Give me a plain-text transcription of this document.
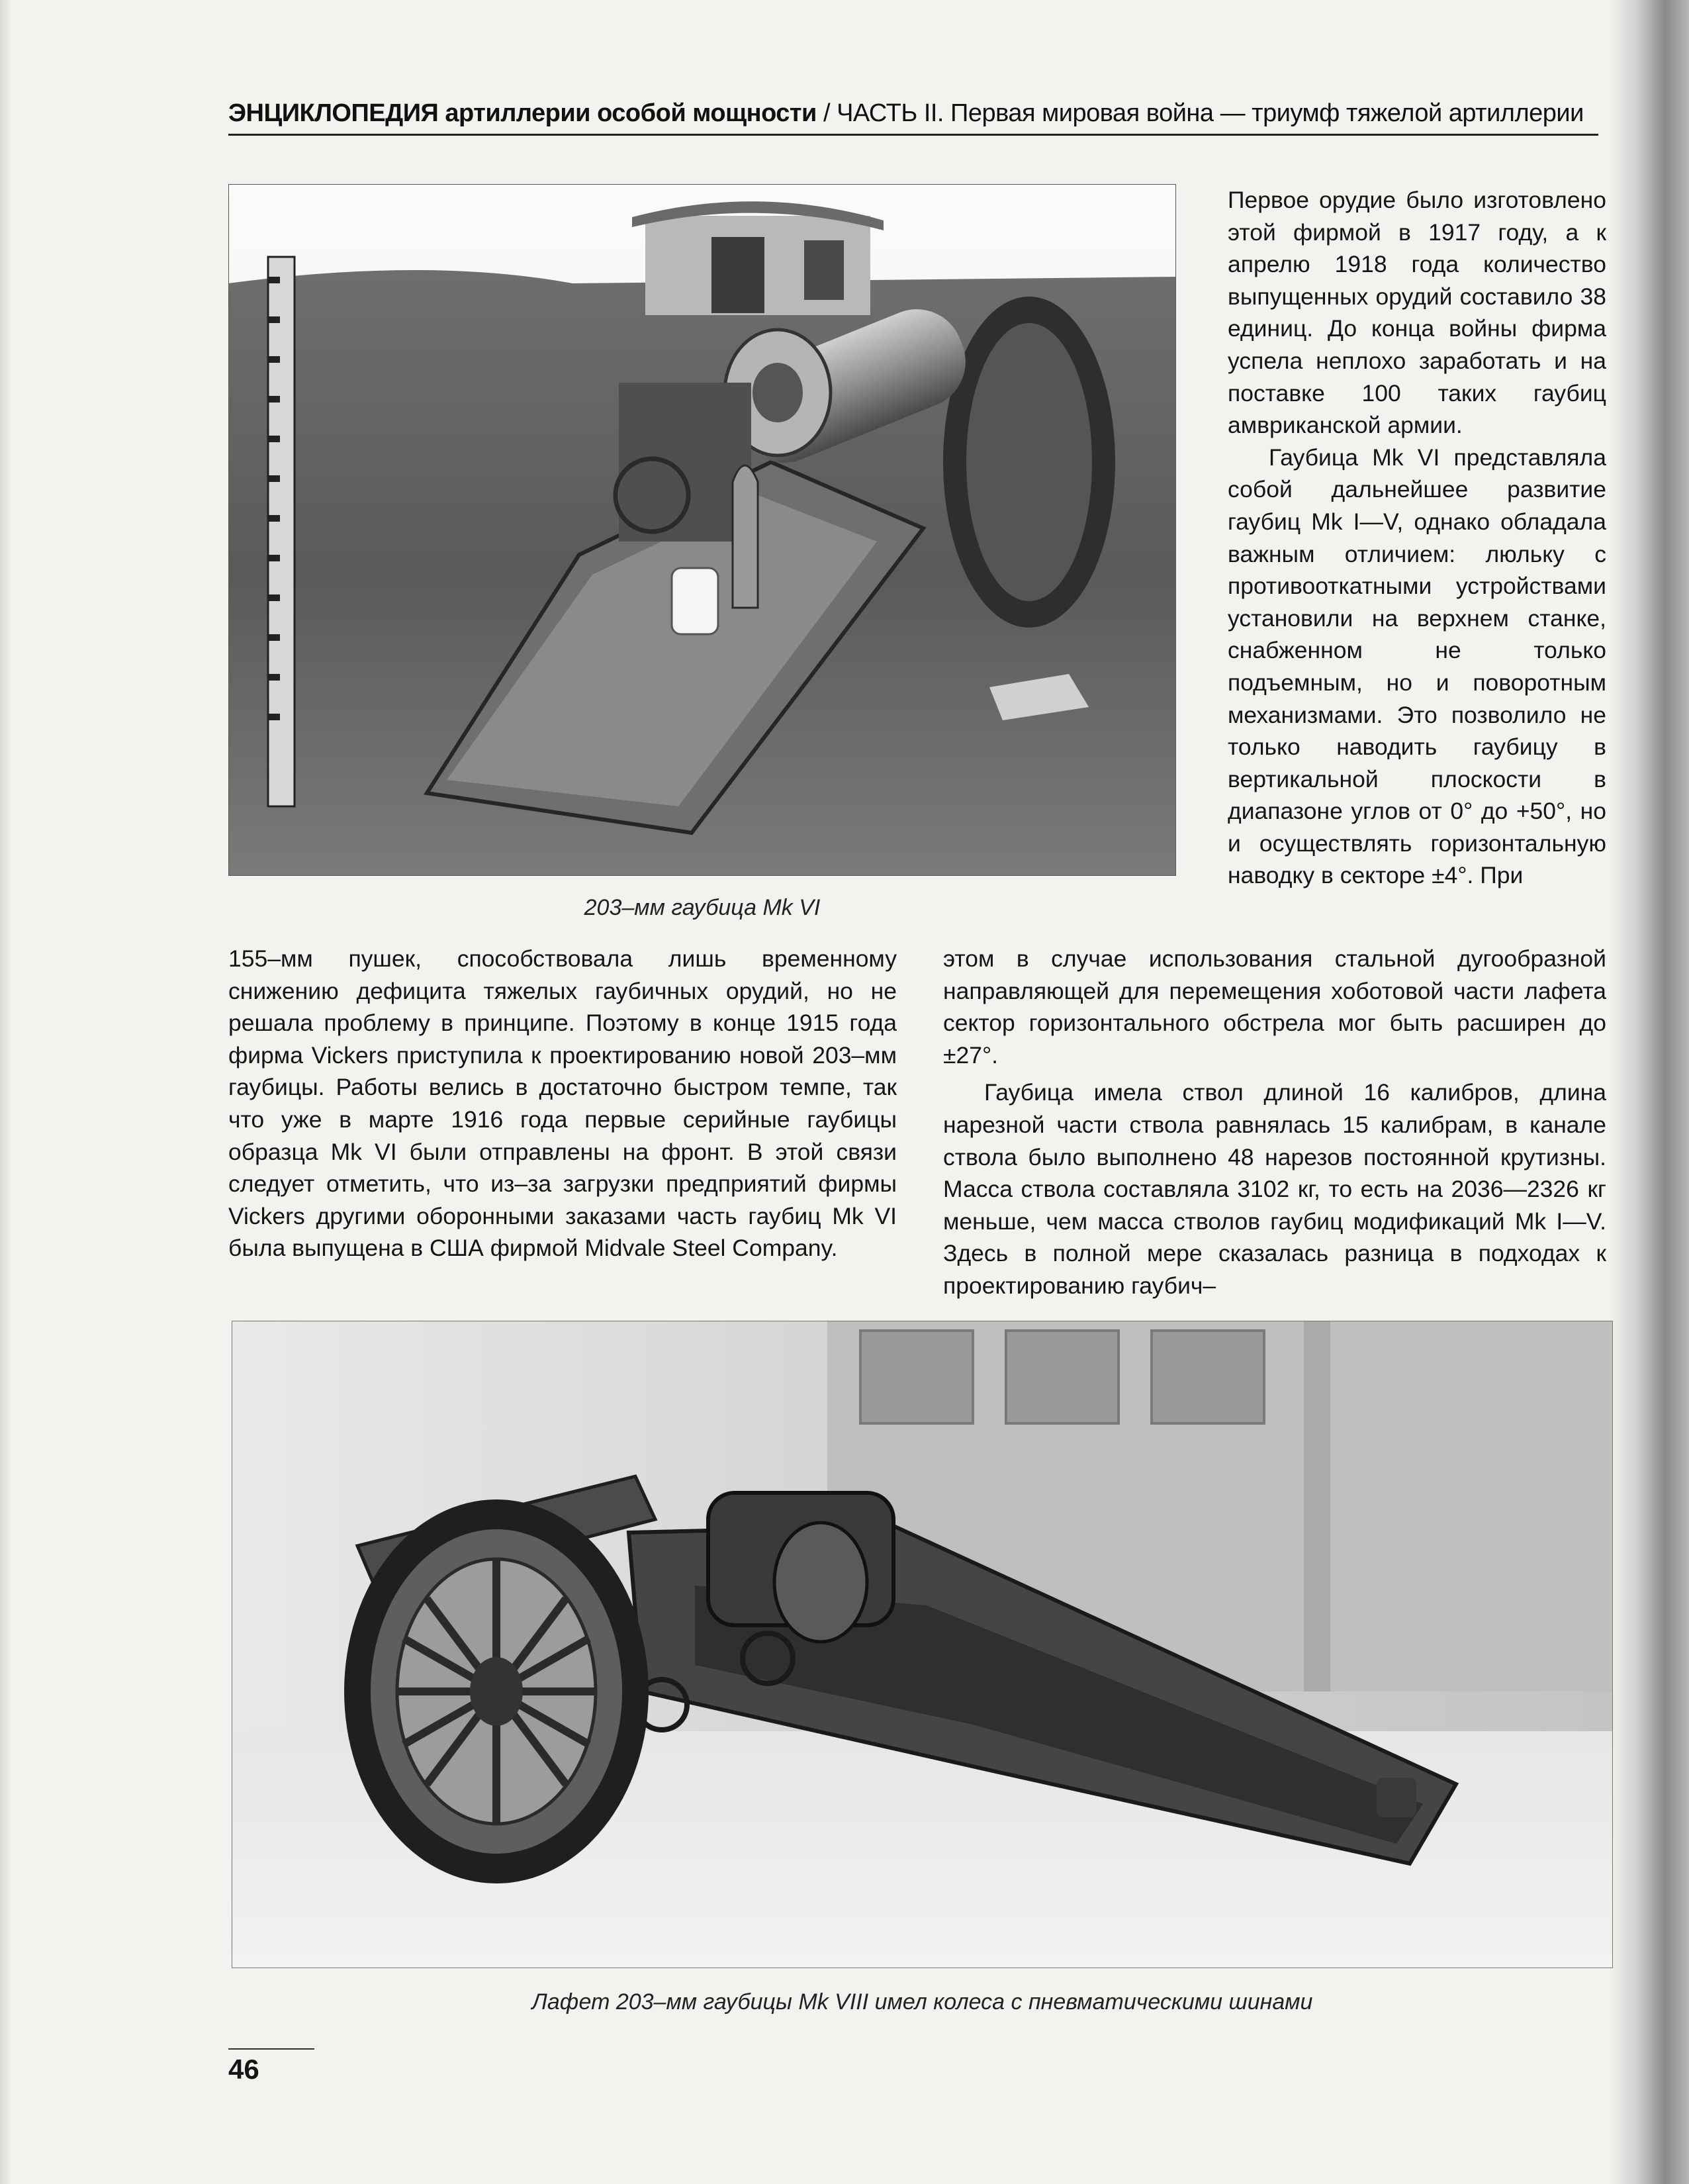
ЭНЦИКЛОПЕДИЯ артиллерии особой мощности / ЧАСТЬ II. Первая мировая война — триумф тяжелой артиллерии
203–мм гаубица Mk VI

Первое орудие было изготовлено этой фирмой в 1917 году, а к апрелю 1918 года количество выпущенных орудий составило 38 единиц. До конца войны фирма успела неплохо заработать и на поставке 100 таких гаубиц амвриканской армии.

Гаубица Mk VI представляла собой дальнейшее развитие гаубиц Mk I—V, однако обладала важным отличием: люльку с противооткатными устройствами установили на верхнем станке, снабженном не только подъемным, но и поворотным механизмами. Это позволило не только наводить гаубицу в вертикальной плоскости в диапазоне углов от 0° до +50°, но и осуществлять горизонтальную наводку в секторе ±4°. При

155–мм пушек, способствовала лишь временному снижению дефицита тяжелых гаубичных орудий, но не решала проблему в принципе. Поэтому в конце 1915 года фирма Vickers приступила к проектированию новой 203–мм гаубицы. Работы велись в достаточно быстром темпе, так что уже в марте 1916 года первые серийные гаубицы образца Mk VI были отправлены на фронт. В этой связи следует отметить, что из–за загрузки предприятий фирмы Vickers другими оборонными заказами часть гаубиц Mk VI была выпущена в США фирмой Midvale Steel Company.

этом в случае использования стальной дугообразной направляющей для перемещения хоботовой части лафета сектор горизонтального обстрела мог быть расширен до ±27°.

Гаубица имела ствол длиной 16 калибров, длина нарезной части ствола равнялась 15 калибрам, в канале ствола было выполнено 48 нарезов постоянной крутизны. Масса ствола составляла 3102 кг, то есть на 2036—2326 кг меньше, чем масса стволов гаубиц модификаций Mk I—V. Здесь в полной мере сказалась разница в подходах к проектированию гаубич–

Лафет 203–мм гаубицы Mk VIII имел колеса с пневматическими шинами
46
